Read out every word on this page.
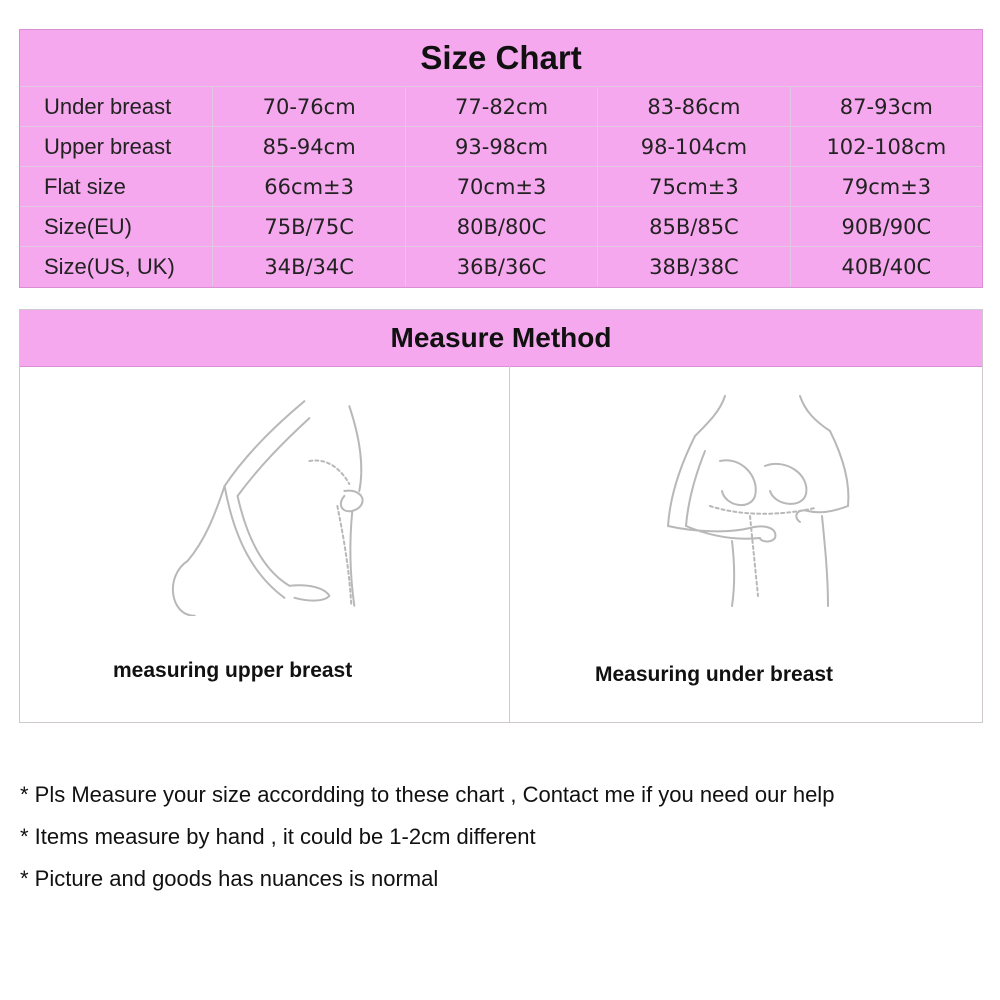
Size Chart
Under breast	70-76cm	77-82cm	83-86cm	87-93cm
Upper breast	85-94cm	93-98cm	98-104cm	102-108cm
Flat size	66cm±3	70cm±3	75cm±3	79cm±3
Size(EU)	75B/75C	80B/80C	85B/85C	90B/90C
Size(US, UK)	34B/34C	36B/36C	38B/38C	40B/40C
Measure Method
measuring upper breast	Measuring under breast
* Pls Measure your size accordding to these chart , Contact me if you need our help
* Items measure by hand , it could be 1-2cm different
* Picture and goods has nuances is normal
